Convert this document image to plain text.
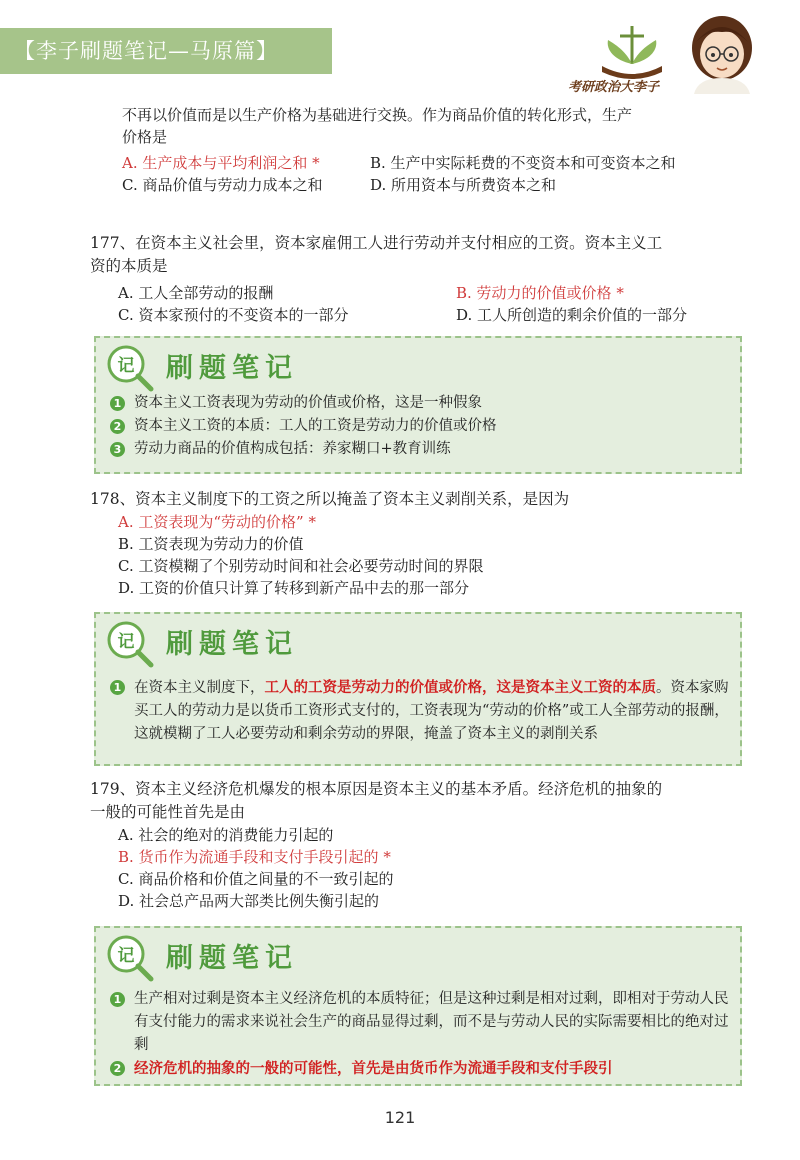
【李子刷题笔记—马原篇】
考研政治大李子
不再以价值而是以生产价格为基础进行交换。作为商品价值的转化形式，生产
价格是
A. 生产成本与平均利润之和 *	B. 生产中实际耗费的不变资本和可变资本之和
C. 商品价值与劳动力成本之和	D. 所用资本与所费资本之和
177、在资本主义社会里，资本家雇佣工人进行劳动并支付相应的工资。资本主义工
资的本质是
A. 工人全部劳动的报酬	B. 劳动力的价值或价格 *
C. 资本家预付的不变资本的一部分	D. 工人所创造的剩余价值的一部分
记 刷题笔记
1 资本主义工资表现为劳动的价值或价格，这是一种假象
2 资本主义工资的本质：工人的工资是劳动力的价值或价格
3 劳动力商品的价值构成包括：养家糊口+教育训练
178、资本主义制度下的工资之所以掩盖了资本主义剥削关系，是因为
A. 工资表现为“劳动的价格” *
B. 工资表现为劳动力的价值
C. 工资模糊了个别劳动时间和社会必要劳动时间的界限
D. 工资的价值只计算了转移到新产品中去的那一部分
记 刷题笔记
1 在资本主义制度下，工人的工资是劳动力的价值或价格，这是资本主义工资的本质。资本家购买工人的劳动力是以货币工资形式支付的，工资表现为“劳动的价格”或工人全部劳动的报酬，这就模糊了工人必要劳动和剩余劳动的界限，掩盖了资本主义的剥削关系
179、资本主义经济危机爆发的根本原因是资本主义的基本矛盾。经济危机的抽象的
一般的可能性首先是由
A. 社会的绝对的消费能力引起的
B. 货币作为流通手段和支付手段引起的 *
C. 商品价格和价值之间量的不一致引起的
D. 社会总产品两大部类比例失衡引起的
记 刷题笔记
1 生产相对过剩是资本主义经济危机的本质特征；但是这种过剩是相对过剩，即相对于劳动人民有支付能力的需求来说社会生产的商品显得过剩，而不是与劳动人民的实际需要相比的绝对过剩
2 经济危机的抽象的一般的可能性，首先是由货币作为流通手段和支付手段引
121
